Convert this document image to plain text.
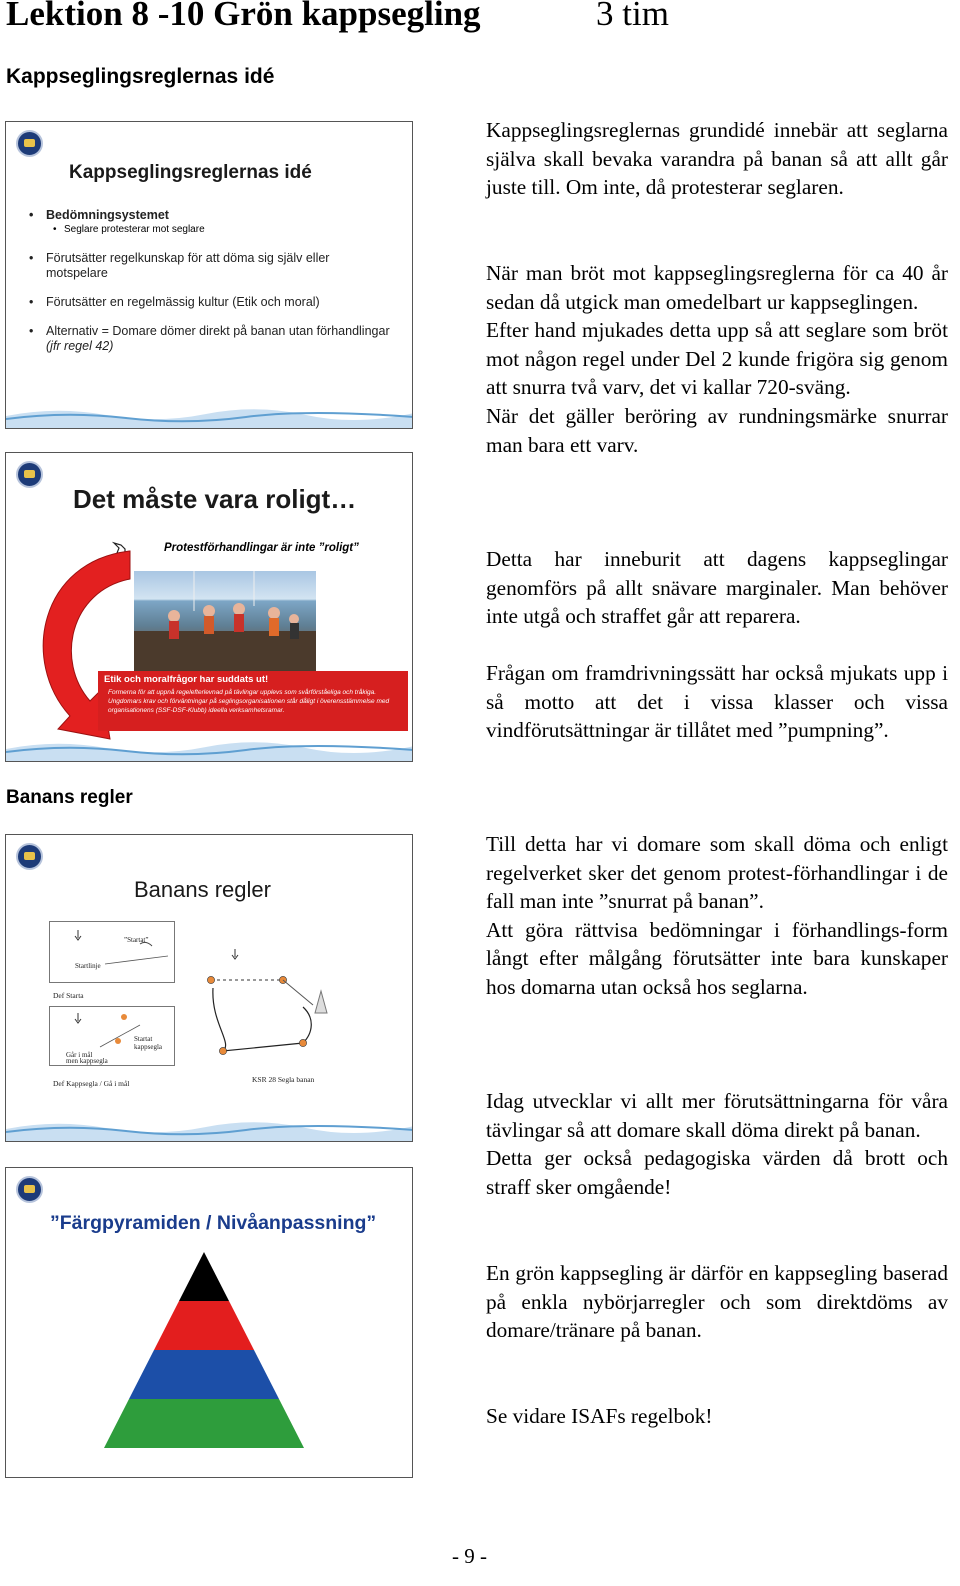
Lektion 8 -10 Grön kappsegling	3 tim
Kappseglingsreglernas idé
Kappseglingsreglernas idé
• Bedömningsystemet
• Seglare protesterar mot seglare
• Förutsätter regelkunskap för att döma sig själv eller motspelare
• Förutsätter en regelmässig kultur (Etik och moral)
• Alternativ = Domare dömer direkt på banan utan förhandlingar (jfr regel 42)
Det måste vara roligt…
Protestförhandlingar är inte ”roligt”
Etik och moralfrågor har suddats ut!
Formerna för att uppnå regelefterlevnad på tävlingar upplevs som svårförståeliga och tråkiga.
Ungdomars krav och förväntningar på seglingsorganisationen står dåligt i överensstämmelse med organisationens (SSF-DSF-Klubb) ideella verksamhetsramar.
Banans regler
Banans regler
Startlinje
”Startat”
Def Starta
Startat kappsegla
Går i mål
men kappsegla
Def Kappsegla / Gå i mål	KSR 28 Segla banan
”Färgpyramiden / Nivåanpassning”

Kappseglingsreglernas grundidé innebär att seglarna själva skall bevaka varandra på banan så att allt går juste till. Om inte, då protesterar seglaren.

När man bröt mot kappseglingsreglerna för ca 40 år sedan då utgick man omedelbart ur kappseglingen.

Efter hand mjukades detta upp så att seglare som bröt mot någon regel under Del 2 kunde frigöra sig genom att snurra två varv, det vi kallar 720-sväng.

När det gäller beröring av rundningsmärke snurrar man bara ett varv.

Detta har inneburit att dagens kappseglingar genomförs på allt snävare marginaler. Man behöver inte utgå och straffet går att reparera.

Frågan om framdrivningssätt har också mjukats upp i så motto att det i vissa klasser och vissa vindförutsättningar är tillåtet med ”pumpning”.

Till detta har vi domare som skall döma och enligt regelverket sker det genom protest-förhandlingar i de fall man inte ”snurrat på banan”.

Att göra rättvisa bedömningar i förhandlings-form långt efter målgång förutsätter inte bara kunskaper hos domarna utan också hos seglarna.

Idag utvecklar vi allt mer förutsättningarna för våra tävlingar så att domare skall döma direkt på banan.

Detta ger också pedagogiska värden då brott och straff sker omgående!

En grön kappsegling är därför en kappsegling baserad på enkla nybörjarregler och som direktdöms av domare/tränare på banan.

Se vidare ISAFs regelbok!

- 9 -
